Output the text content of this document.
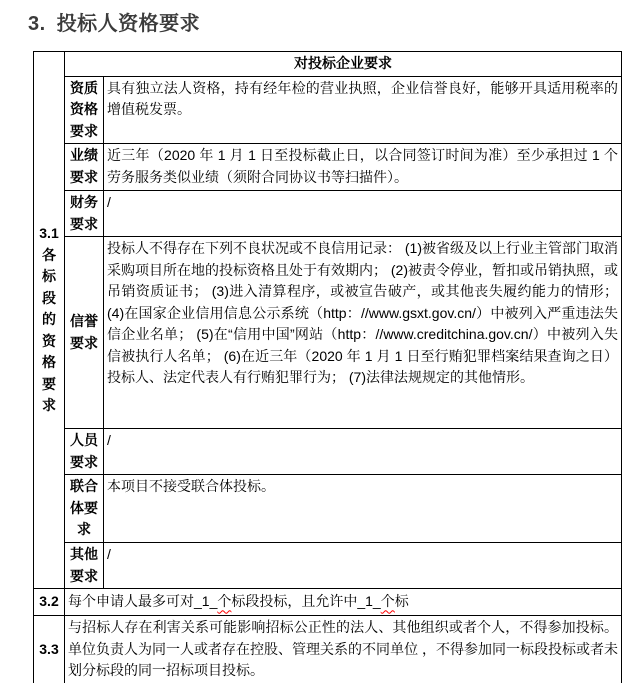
3. 投标人资格要求
3.1
各标段的资格要求	对投标企业要求	
	资质资格要求	具有独立法人资格，持有经年检的营业执照，企业信誉良好，能够开具适用税率的增值税发票。
	业绩要求	近三年（2020 年 1 月 1 日至投标截止日，以合同签订时间为准）至少承担过 1 个劳务服务类似业绩（须附合同协议书等扫描件）。
	财务要求	/
	信誉要求	投标人不得存在下列不良状况或不良信用记录： (1)被省级及以上行业主管部门取消采购项目所在地的投标资格且处于有效期内； (2)被责令停业，暂扣或吊销执照，或吊销资质证书； (3)进入清算程序，或被宣告破产，或其他丧失履约能力的情形； (4)在国家企业信用信息公示系统（http：//www.gsxt.gov.cn/）中被列入严重违法失信企业名单； (5)在“信用中国”网站（http：//www.creditchina.gov.cn/）中被列入失信被执行人名单； (6)在近三年（2020 年 1 月 1 日至行贿犯罪档案结果查询之日）投标人、法定代表人有行贿犯罪行为； (7)法律法规规定的其他情形。
	人员要求	/
	联合体要求	本项目不接受联合体投标。
	其他要求	/
3.2	每个申请人最多可对_1_个标段投标，且允许中_1_个标	
3.3	与招标人存在利害关系可能影响招标公正性的法人、其他组织或者个人，不得参加投标。单位负责人为同一人或者存在控股、管理关系的不同单位 ，不得参加同一标段投标或者未划分标段的同一招标项目投标。	
